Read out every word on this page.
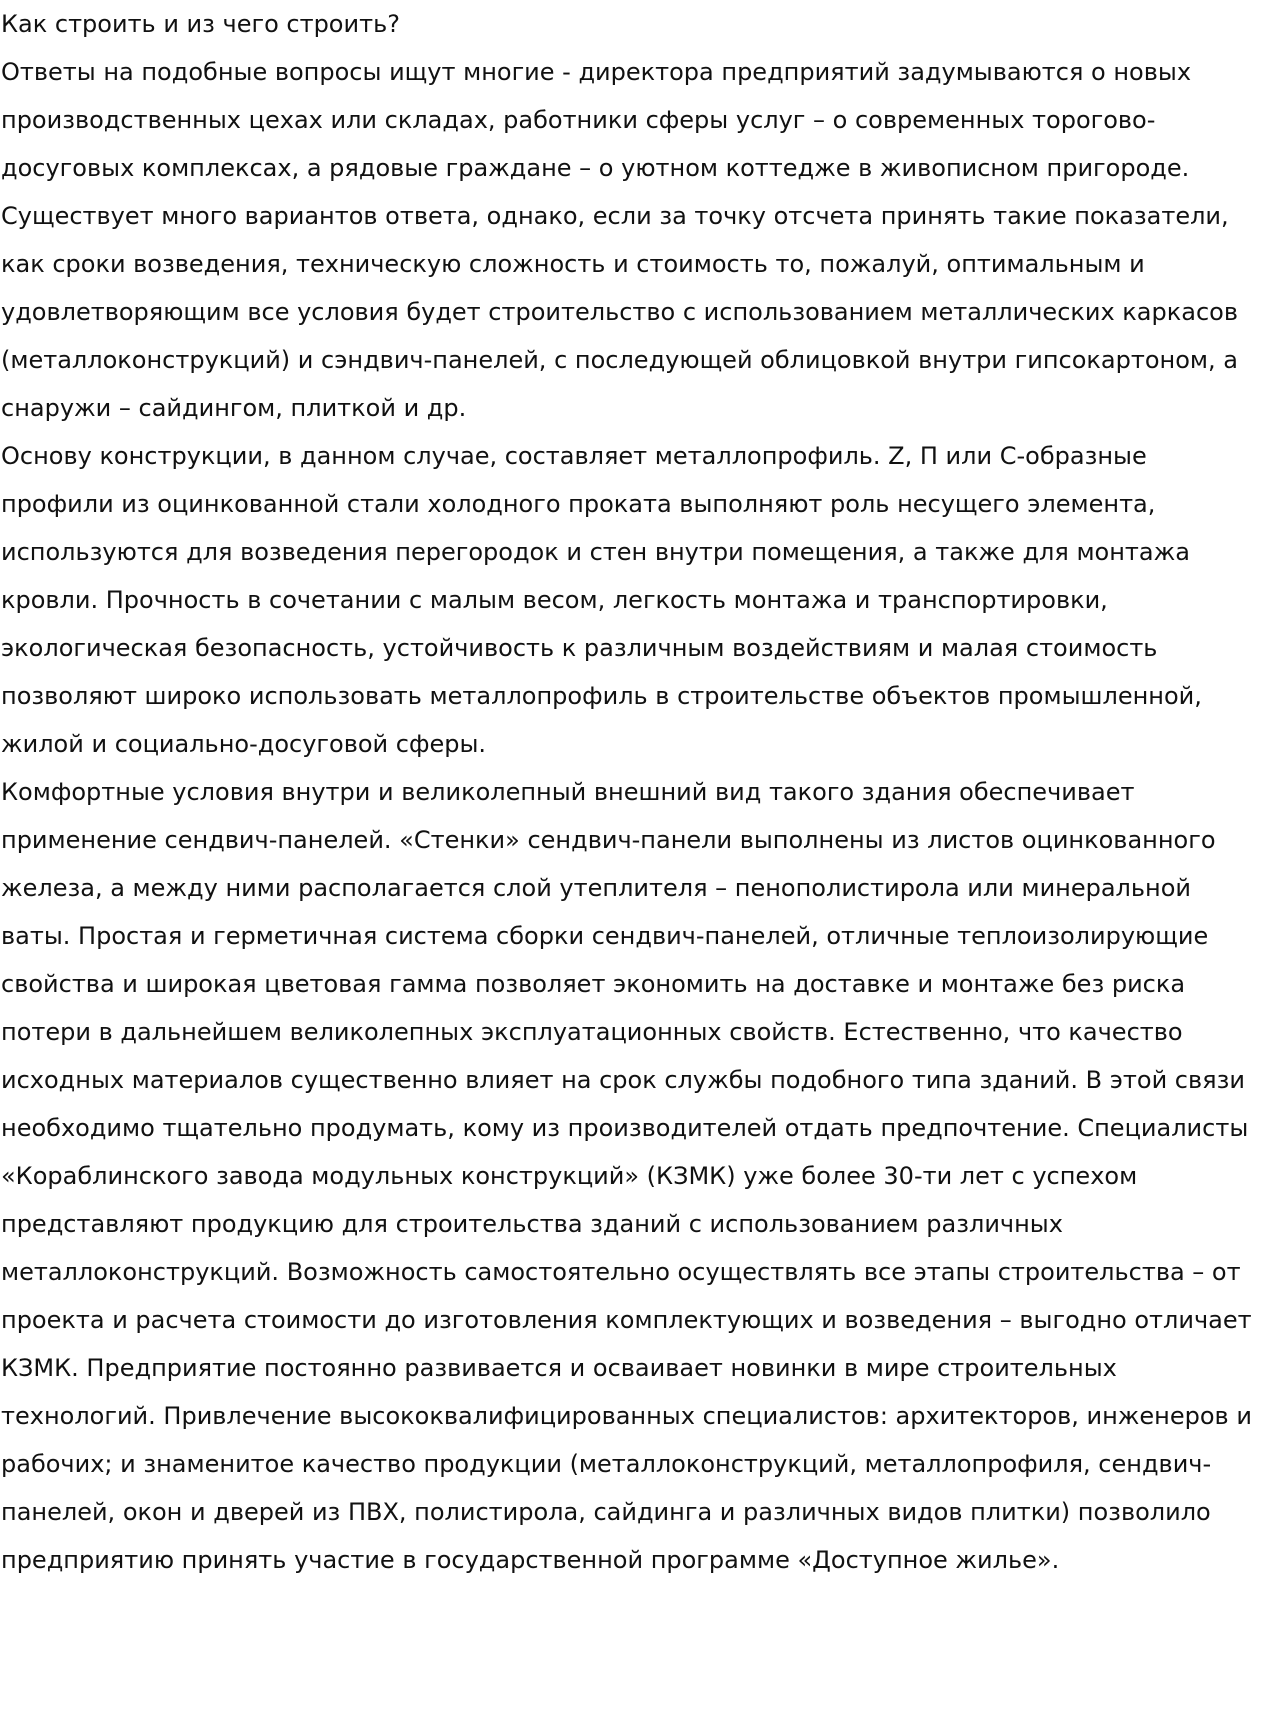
Как строить и из чего строить?

Ответы на подобные вопросы ищут многие - директора предприятий задумываются о новых производственных цехах или складах, работники сферы услуг – о современных торогово-досуговых комплексах, а рядовые граждане – о уютном коттедже в живописном пригороде.

Существует много вариантов ответа, однако, если за точку отсчета принять такие показатели, как сроки возведения, техническую сложность и стоимость то, пожалуй, оптимальным и удовлетворяющим все условия будет строительство с использованием металлических каркасов (металлоконструкций) и сэндвич-панелей, с последующей облицовкой внутри гипсокартоном, а снаружи – сайдингом, плиткой и др.

Основу конструкции, в данном случае, составляет металлопрофиль. Z, П или С-образные профили из оцинкованной стали холодного проката выполняют роль несущего элемента, используются для возведения перегородок и стен внутри помещения, а также для монтажа кровли. Прочность в сочетании с малым весом, легкость монтажа и транспортировки, экологическая безопасность, устойчивость к различным воздействиям и малая стоимость позволяют широко использовать металлопрофиль в строительстве объектов промышленной, жилой и социально-досуговой сферы.

Комфортные условия внутри и великолепный внешний вид такого здания обеспечивает применение сендвич-панелей. «Стенки» сендвич-панели выполнены из листов оцинкованного железа, а между ними располагается слой утеплителя – пенополистирола или минеральной ваты. Простая и герметичная система сборки сендвич-панелей, отличные теплоизолирующие свойства и широкая цветовая гамма позволяет экономить на доставке и монтаже без риска потери в дальнейшем великолепных эксплуатационных свойств. Естественно, что качество исходных материалов существенно влияет на срок службы подобного типа зданий. В этой связи необходимо тщательно продумать, кому из производителей отдать предпочтение. Специалисты «Кораблинского завода модульных конструкций» (КЗМК) уже более 30-ти лет с успехом представляют продукцию для строительства зданий с использованием различных металлоконструкций. Возможность самостоятельно осуществлять все этапы строительства – от проекта и расчета стоимости до изготовления комплектующих и возведения – выгодно отличает КЗМК. Предприятие постоянно развивается и осваивает новинки в мире строительных технологий. Привлечение высококвалифицированных специалистов: архитекторов, инженеров и рабочих; и знаменитое качество продукции (металлоконструкций, металлопрофиля, сендвич-панелей, окон и дверей из ПВХ, полистирола, сайдинга и различных видов плитки) позволило предприятию принять участие в государственной программе «Доступное жилье».
